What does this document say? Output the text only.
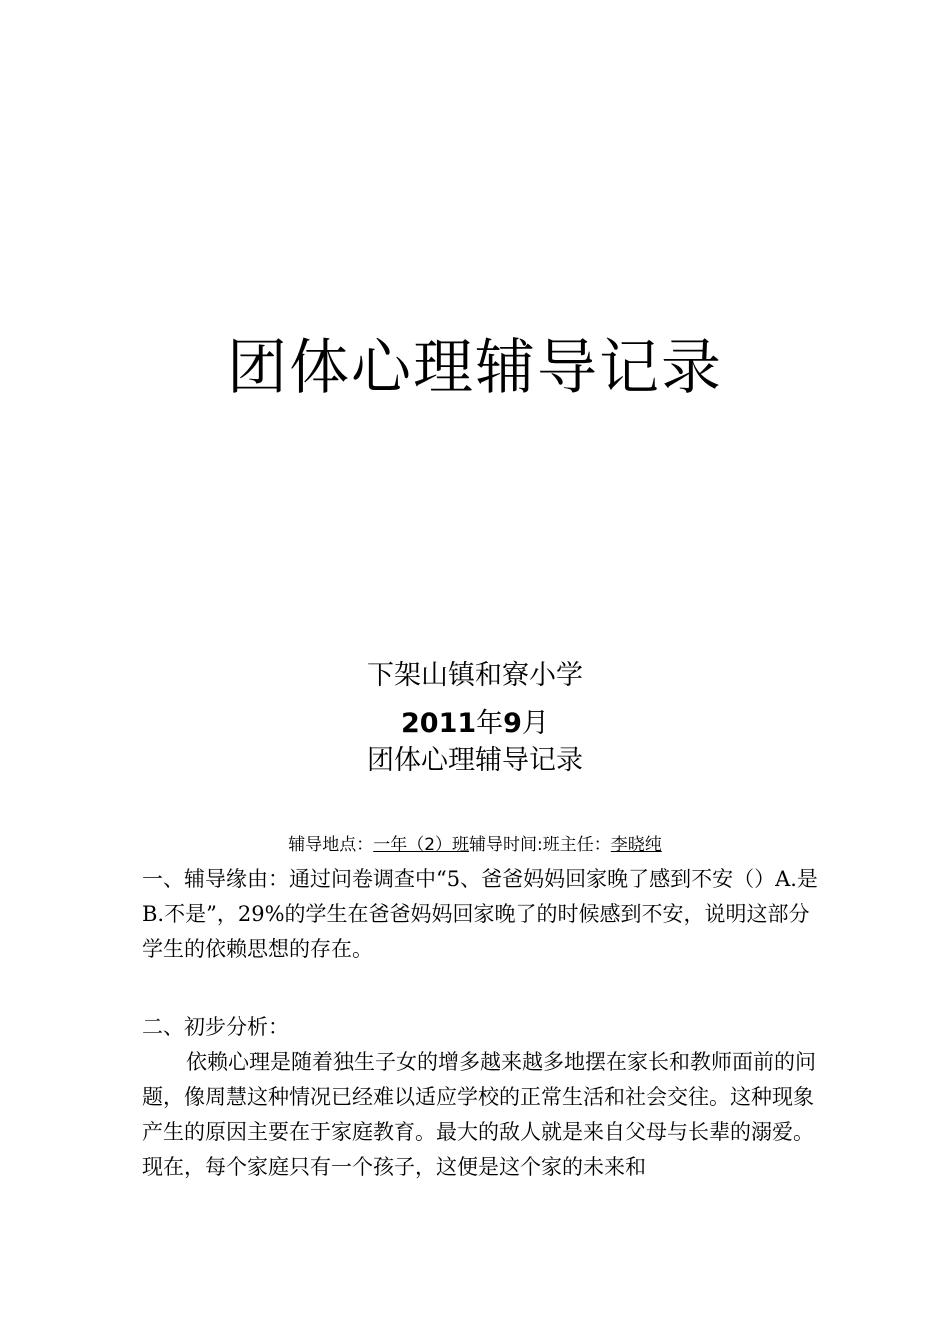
团体心理辅导记录
下架山镇和寮小学
2011年9月
团体心理辅导记录
辅导地点：一年（2）班辅导时间:班主任：李晓纯

一、辅导缘由：通过问卷调查中“5、爸爸妈妈回家晚了感到不安（）A.是B.不是”，29%的学生在爸爸妈妈回家晚了的时候感到不安，说明这部分学生的依赖思想的存在。

二、初步分析：

依赖心理是随着独生子女的增多越来越多地摆在家长和教师面前的问题，像周慧这种情况已经难以适应学校的正常生活和社会交往。这种现象产生的原因主要在于家庭教育。最大的敌人就是来自父母与长辈的溺爱。现在，每个家庭只有一个孩子，这便是这个家的未来和
